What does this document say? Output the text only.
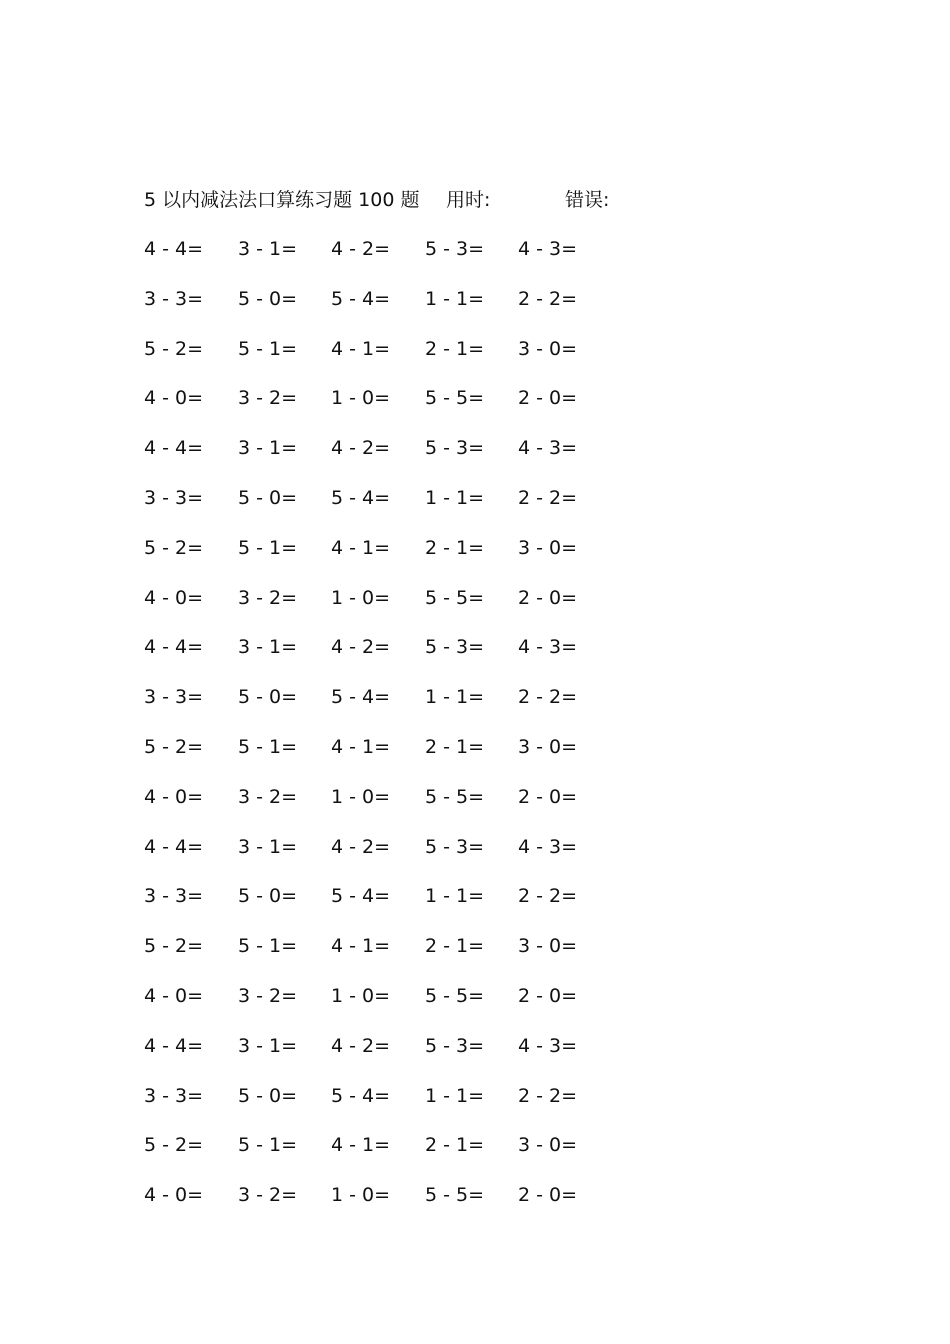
5 以内减法法口算练习题 100 题 用时:	错误:
4 - 4= 3 - 1= 4 - 2= 5 - 3= 4 - 3=
3 - 3= 5 - 0= 5 - 4= 1 - 1= 2 - 2=
5 - 2= 5 - 1= 4 - 1= 2 - 1= 3 - 0=
4 - 0= 3 - 2= 1 - 0= 5 - 5= 2 - 0=
4 - 4= 3 - 1= 4 - 2= 5 - 3= 4 - 3=
3 - 3= 5 - 0= 5 - 4= 1 - 1= 2 - 2=
5 - 2= 5 - 1= 4 - 1= 2 - 1= 3 - 0=
4 - 0= 3 - 2= 1 - 0= 5 - 5= 2 - 0=
4 - 4= 3 - 1= 4 - 2= 5 - 3= 4 - 3=
3 - 3= 5 - 0= 5 - 4= 1 - 1= 2 - 2=
5 - 2= 5 - 1= 4 - 1= 2 - 1= 3 - 0=
4 - 0= 3 - 2= 1 - 0= 5 - 5= 2 - 0=
4 - 4= 3 - 1= 4 - 2= 5 - 3= 4 - 3=
3 - 3= 5 - 0= 5 - 4= 1 - 1= 2 - 2=
5 - 2= 5 - 1= 4 - 1= 2 - 1= 3 - 0=
4 - 0= 3 - 2= 1 - 0= 5 - 5= 2 - 0=
4 - 4= 3 - 1= 4 - 2= 5 - 3= 4 - 3=
3 - 3= 5 - 0= 5 - 4= 1 - 1= 2 - 2=
5 - 2= 5 - 1= 4 - 1= 2 - 1= 3 - 0=
4 - 0= 3 - 2= 1 - 0= 5 - 5= 2 - 0=
